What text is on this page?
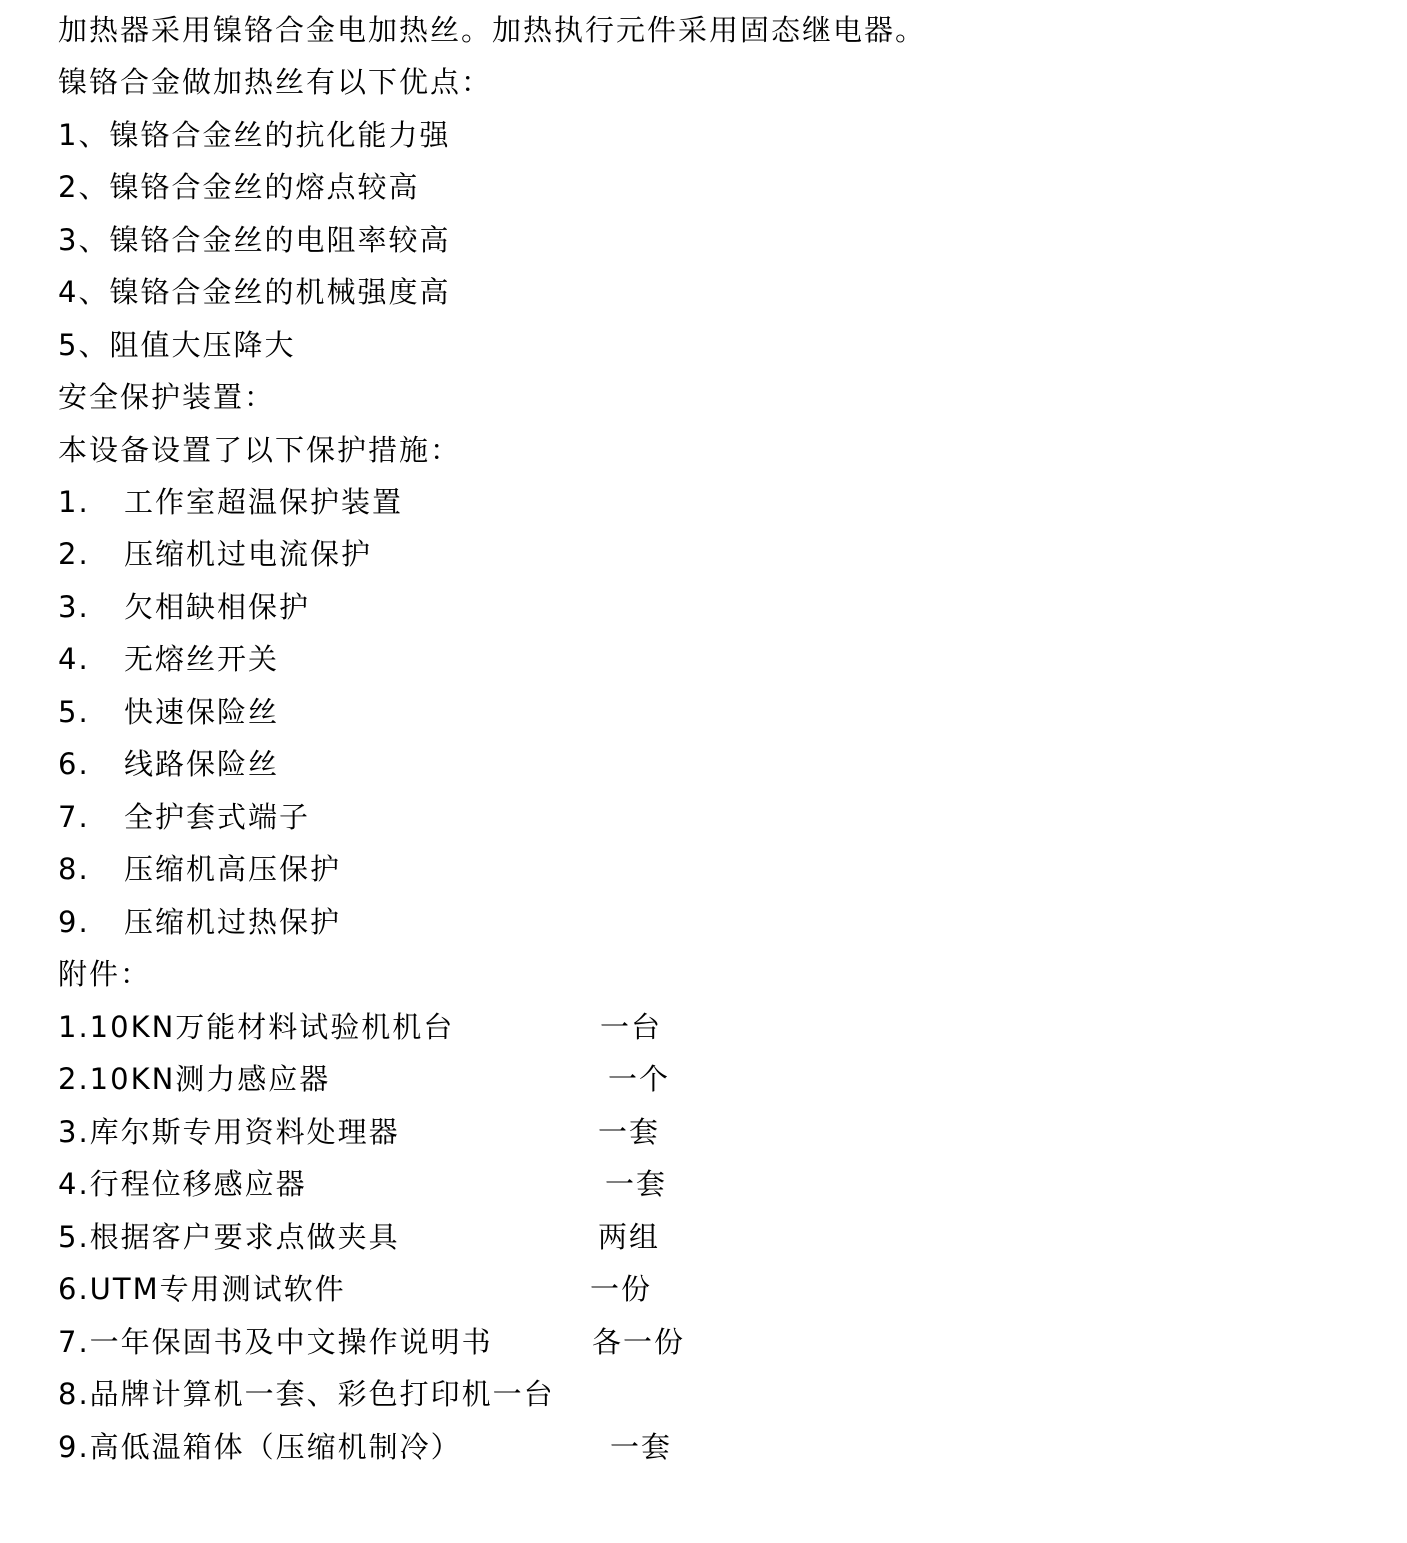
加热器采用镍铬合金电加热丝。加热执行元件采用固态继电器。
镍铬合金做加热丝有以下优点：
1、镍铬合金丝的抗化能力强
2、镍铬合金丝的熔点较高
3、镍铬合金丝的电阻率较高
4、镍铬合金丝的机械强度高
5、阻值大压降大
安全保护装置：
本设备设置了以下保护措施：
1. 工作室超温保护装置
2. 压缩机过电流保护
3. 欠相缺相保护
4. 无熔丝开关
5. 快速保险丝
6. 线路保险丝
7. 全护套式端子
8. 压缩机高压保护
9. 压缩机过热保护
附件：
1.10KN万能材料试验机机台	一台
2.10KN测力感应器	一个
3.库尔斯专用资料处理器	一套
4.行程位移感应器	一套
5.根据客户要求点做夹具	两组
6.UTM专用测试软件	一份
7.一年保固书及中文操作说明书	各一份
8.品牌计算机一套、彩色打印机一台
9.高低温箱体（压缩机制冷）	一套
